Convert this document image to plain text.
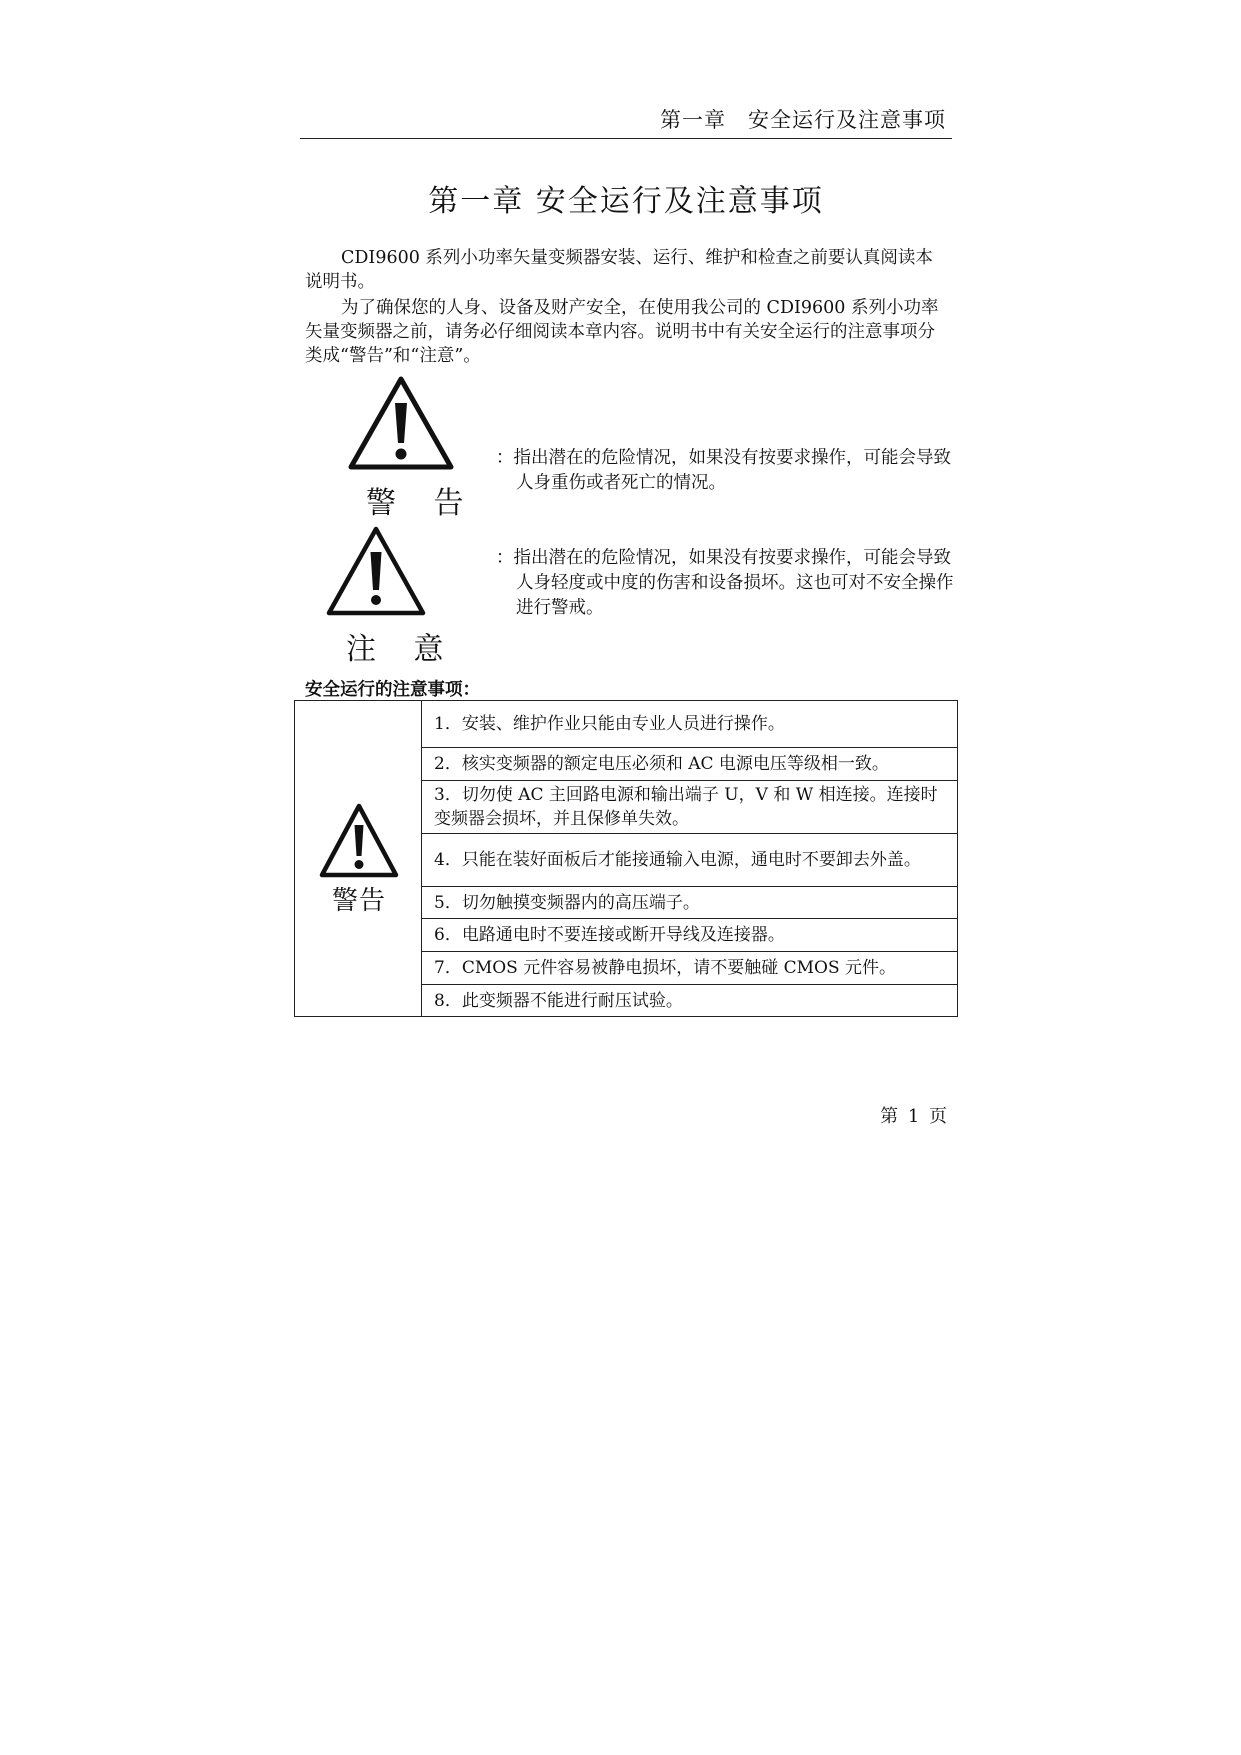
第一章　安全运行及注意事项
第一章 安全运行及注意事项

CDI9600 系列小功率矢量变频器安装、运行、维护和检查之前要认真阅读本说明书。

为了确保您的人身、设备及财产安全，在使用我公司的 CDI9600 系列小功率矢量变频器之前，请务必仔细阅读本章内容。说明书中有关安全运行的注意事项分类成“警告”和“注意”。

警 告

：指出潜在的危险情况，如果没有按要求操作，可能会导致人身重伤或者死亡的情况。

注 意

：指出潜在的危险情况，如果没有按要求操作，可能会导致人身轻度或中度的伤害和设备损坏。这也可对不安全操作进行警戒。

安全运行的注意事项：
警告
	1．安装、维护作业只能由专业人员进行操作。
2．核实变频器的额定电压必须和 AC 电源电压等级相一致。
3．切勿使 AC 主回路电源和输出端子 U，V 和 W 相连接。连接时变频器会损坏，并且保修单失效。
4．只能在装好面板后才能接通输入电源，通电时不要卸去外盖。
5．切勿触摸变频器内的高压端子。
6．电路通电时不要连接或断开导线及连接器。
7．CMOS 元件容易被静电损坏，请不要触碰 CMOS 元件。
8．此变频器不能进行耐压试验。
第 1 页
